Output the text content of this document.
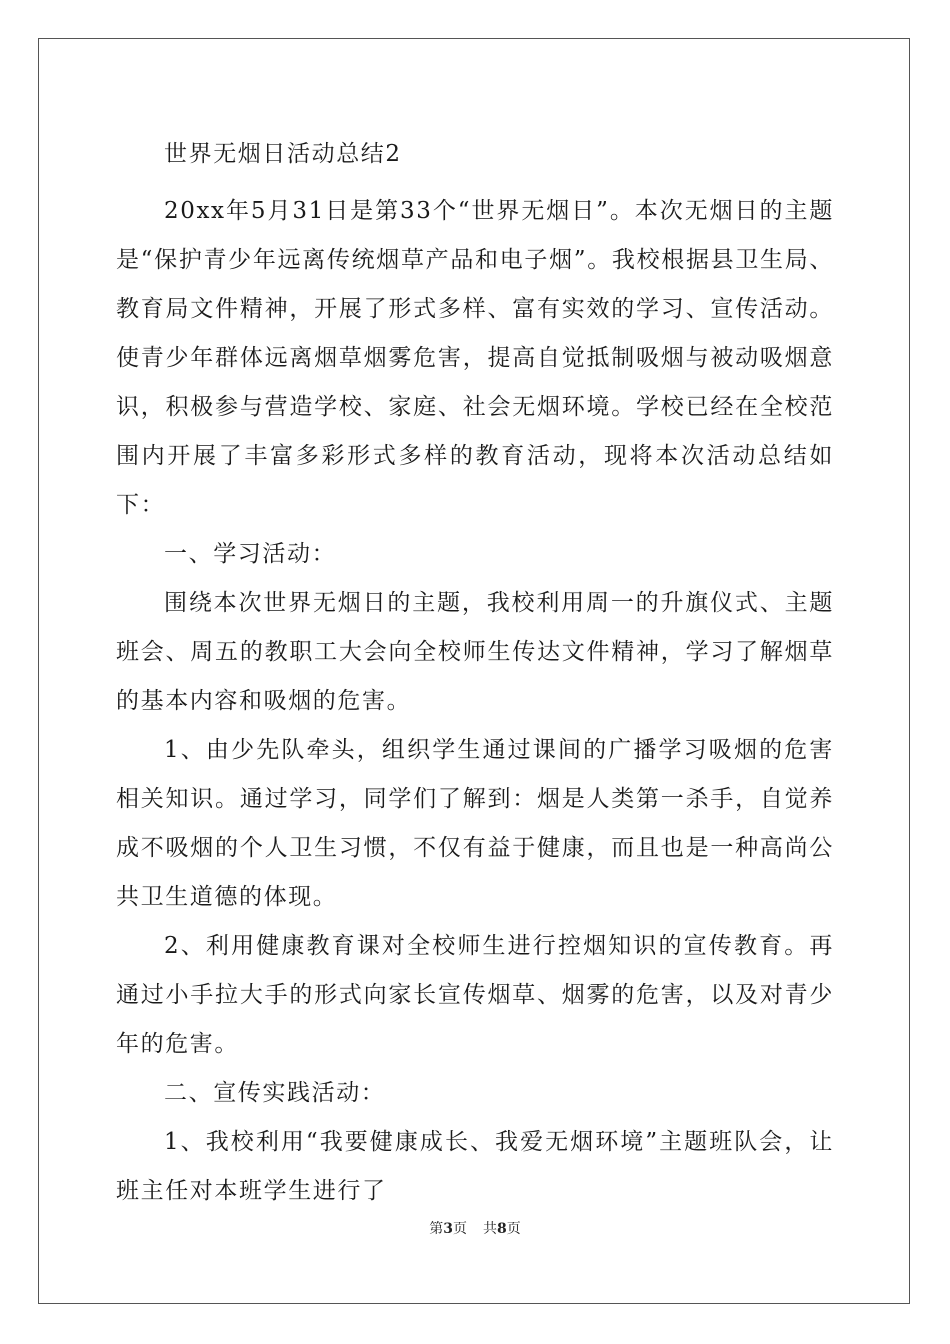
世界无烟日活动总结2

20xx年5月31日是第33个“世界无烟日”。本次无烟日的主题是“保护青少年远离传统烟草产品和电子烟”。我校根据县卫生局、教育局文件精神，开展了形式多样、富有实效的学习、宣传活动。使青少年群体远离烟草烟雾危害，提高自觉抵制吸烟与被动吸烟意识，积极参与营造学校、家庭、社会无烟环境。学校已经在全校范围内开展了丰富多彩形式多样的教育活动，现将本次活动总结如下：

一、学习活动：

围绕本次世界无烟日的主题，我校利用周一的升旗仪式、主题班会、周五的教职工大会向全校师生传达文件精神，学习了解烟草的基本内容和吸烟的危害。

1、由少先队牵头，组织学生通过课间的广播学习吸烟的危害相关知识。通过学习，同学们了解到：烟是人类第一杀手，自觉养成不吸烟的个人卫生习惯，不仅有益于健康，而且也是一种高尚公共卫生道德的体现。

2、利用健康教育课对全校师生进行控烟知识的宣传教育。再通过小手拉大手的形式向家长宣传烟草、烟雾的危害，以及对青少年的危害。

二、宣传实践活动：

1、我校利用“我要健康成长、我爱无烟环境”主题班队会，让班主任对本班学生进行了

第3页 共8页
